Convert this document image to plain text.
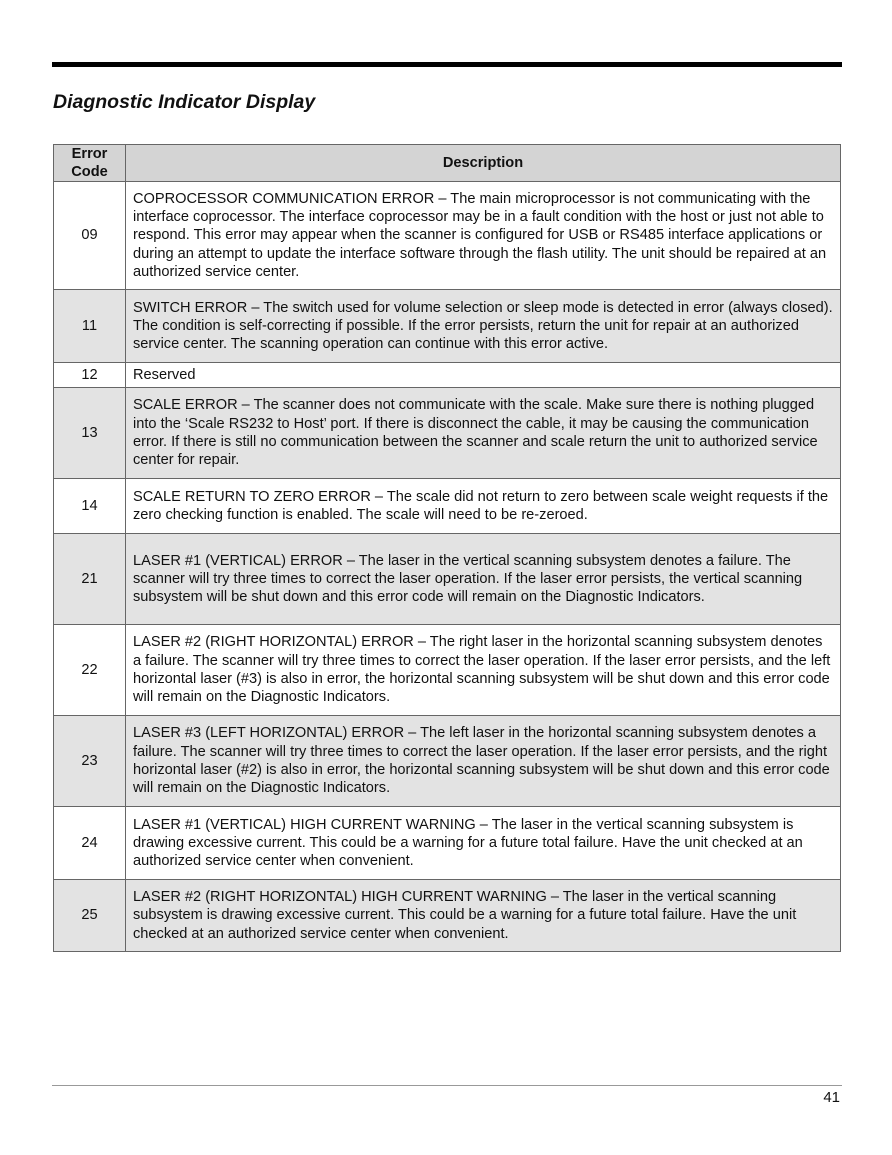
Diagnostic Indicator Display
Error Code	Description
09	COPROCESSOR COMMUNICATION ERROR – The main microprocessor is not communicating with the interface coprocessor. The interface coprocessor may be in a fault condition with the host or just not able to respond. This error may appear when the scanner is configured for USB or RS485 interface applications or during an attempt to update the interface software through the flash utility. The unit should be repaired at an authorized service center.
11	SWITCH ERROR – The switch used for volume selection or sleep mode is detected in error (always closed). The condition is self-correcting if possible. If the error persists, return the unit for repair at an authorized service center. The scanning operation can continue with this error active.
12	Reserved
13	SCALE ERROR – The scanner does not communicate with the scale. Make sure there is nothing plugged into the ‘Scale RS232 to Host’ port. If there is disconnect the cable, it may be causing the communication error. If there is still no communication between the scanner and scale return the unit to authorized service center for repair.
14	SCALE RETURN TO ZERO ERROR – The scale did not return to zero between scale weight requests if the zero checking function is enabled. The scale will need to be re-zeroed.
21	LASER #1 (VERTICAL) ERROR – The laser in the vertical scanning subsystem denotes a failure. The scanner will try three times to correct the laser operation. If the laser error persists, the vertical scanning subsystem will be shut down and this error code will remain on the Diagnostic Indicators.
22	LASER #2 (RIGHT HORIZONTAL) ERROR – The right laser in the horizontal scanning subsystem denotes a failure. The scanner will try three times to correct the laser operation. If the laser error persists, and the left horizontal laser (#3) is also in error, the horizontal scanning subsystem will be shut down and this error code will remain on the Diagnostic Indicators.
23	LASER #3 (LEFT HORIZONTAL) ERROR – The left laser in the horizontal scanning subsystem denotes a failure. The scanner will try three times to correct the laser operation. If the laser error persists, and the right horizontal laser (#2) is also in error, the horizontal scanning subsystem will be shut down and this error code will remain on the Diagnostic Indicators.
24	LASER #1 (VERTICAL) HIGH CURRENT WARNING – The laser in the vertical scanning subsystem is drawing excessive current. This could be a warning for a future total failure. Have the unit checked at an authorized service center when convenient.
25	LASER #2 (RIGHT HORIZONTAL) HIGH CURRENT WARNING – The laser in the vertical scanning subsystem is drawing excessive current. This could be a warning for a future total failure. Have the unit checked at an authorized service center when convenient.
41
